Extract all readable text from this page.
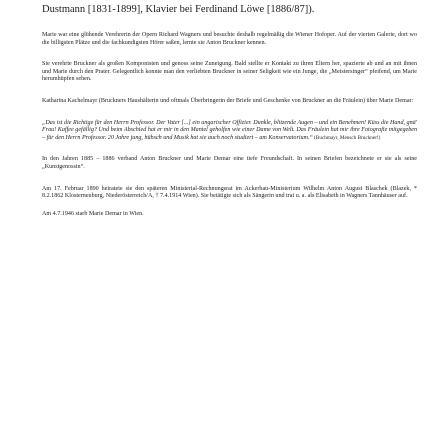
Dustmann [1831-1899], Klavier bei Ferdinand Löwe [1886/87]).

Marie war eine glühende Verehrerin der Opern Richard Wagners und besuchte deshalb regelmäßig die Wiener Hofoper. Auf der vierten Galerie, dort wo die billigsten Plätze und die fachkundigsten Hörer saßen, lernte sie Anton Bruckner kennen.

Sie verehrte Bruckner als großen Komponisten und genoss seine Zuneigung. Bald stellte er Kontakt zu ihren Eltern her, spazierte ab und an mit ihnen und Marie durch den Prater. Gelegentlich konnte man den verliebten Bruckner in seiner Seligkeit wie ein Junge, die „Meistersinger“ pfeifend, um Marie herumhüpfen sehen.

Katharina Kachelmayr (Bruckners Haushälterin und oftmals Überbringerin der Briefe und Geschenke von Bruckner an die Fräulein) über Marie Demar:

„Das ist die Richtige für den Herrn Professor. Der Vater [...] ein ungarischer Offizier. Dunkle, blitzende Augen – und ein Benehmen! Küss die Hand, gnä' Frau! Kaffee gefällig? Und beim Abschied hat er mir in den Mantel geholfen wie einer Dame von Welt. Das Fräulein hat mir ihre Fotografie mitgegeben – für den Herrn Professor. 20 Jahre jung, hübsch und Musik hat sie auch noch studiert – am Konservatorium.“ (Buchmayr, Mensch Bruckner!)

In den Jahren 1885 – 1886 verband Anton Bruckner und Marie Demar eine tiefe Freundschaft. In seinen Briefen bezeichnete er sie als seine „Kunstgenossin“.

Am 17. Februar 1890 heiratete sie den späteren Ministerial-Rechnungsrat im Ackerbau-Ministerium Wilhelm Anton August Blaschek (Blazek, * 8.2.1862 Klosterneuburg, Niederösterreich/A, † 7.4.1914 Wien). Sie betätigte sich als Sängerin und trat u. a. als Elisabeth in Wagners Tannhäuser auf.

Am 4.7.1946 starb Marie Demar in Wien.
